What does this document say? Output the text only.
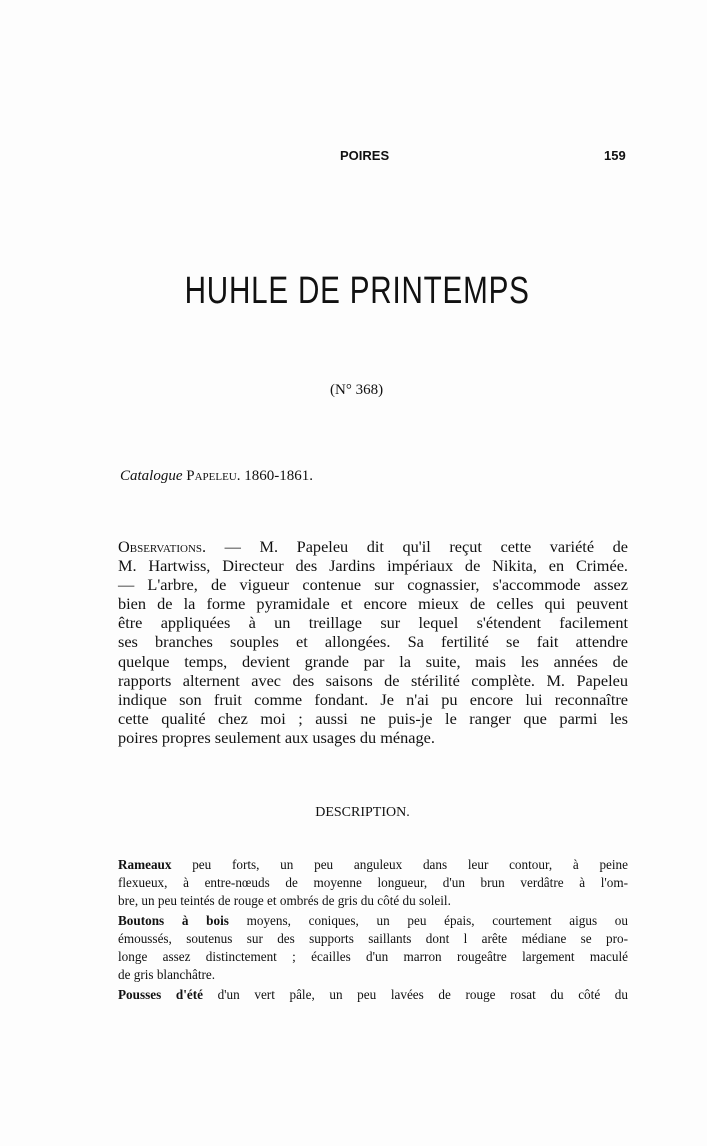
POIRES	159
HUHLE DE PRINTEMPS
(N° 368)
Catalogue Papeleu. 1860-1861.
Observations. — M. Papeleu dit qu'il reçut cette variété de
M. Hartwiss, Directeur des Jardins impériaux de Nikita, en Crimée.
— L'arbre, de vigueur contenue sur cognassier, s'accommode assez
bien de la forme pyramidale et encore mieux de celles qui peuvent
être appliquées à un treillage sur lequel s'étendent facilement
ses branches souples et allongées. Sa fertilité se fait attendre
quelque temps, devient grande par la suite, mais les années de
rapports alternent avec des saisons de stérilité complète. M. Papeleu
indique son fruit comme fondant. Je n'ai pu encore lui reconnaître
cette qualité chez moi ; aussi ne puis-je le ranger que parmi les
poires propres seulement aux usages du ménage.
DESCRIPTION.
Rameaux peu forts, un peu anguleux dans leur contour, à peine
flexueux, à entre-nœuds de moyenne longueur, d'un brun verdâtre à l'om-
bre, un peu teintés de rouge et ombrés de gris du côté du soleil.
Boutons à bois moyens, coniques, un peu épais, courtement aigus ou
émoussés, soutenus sur des supports saillants dont l arête médiane se pro-
longe assez distinctement ; écailles d'un marron rougeâtre largement maculé
de gris blanchâtre.
Pousses d'été d'un vert pâle, un peu lavées de rouge rosat du côté du
